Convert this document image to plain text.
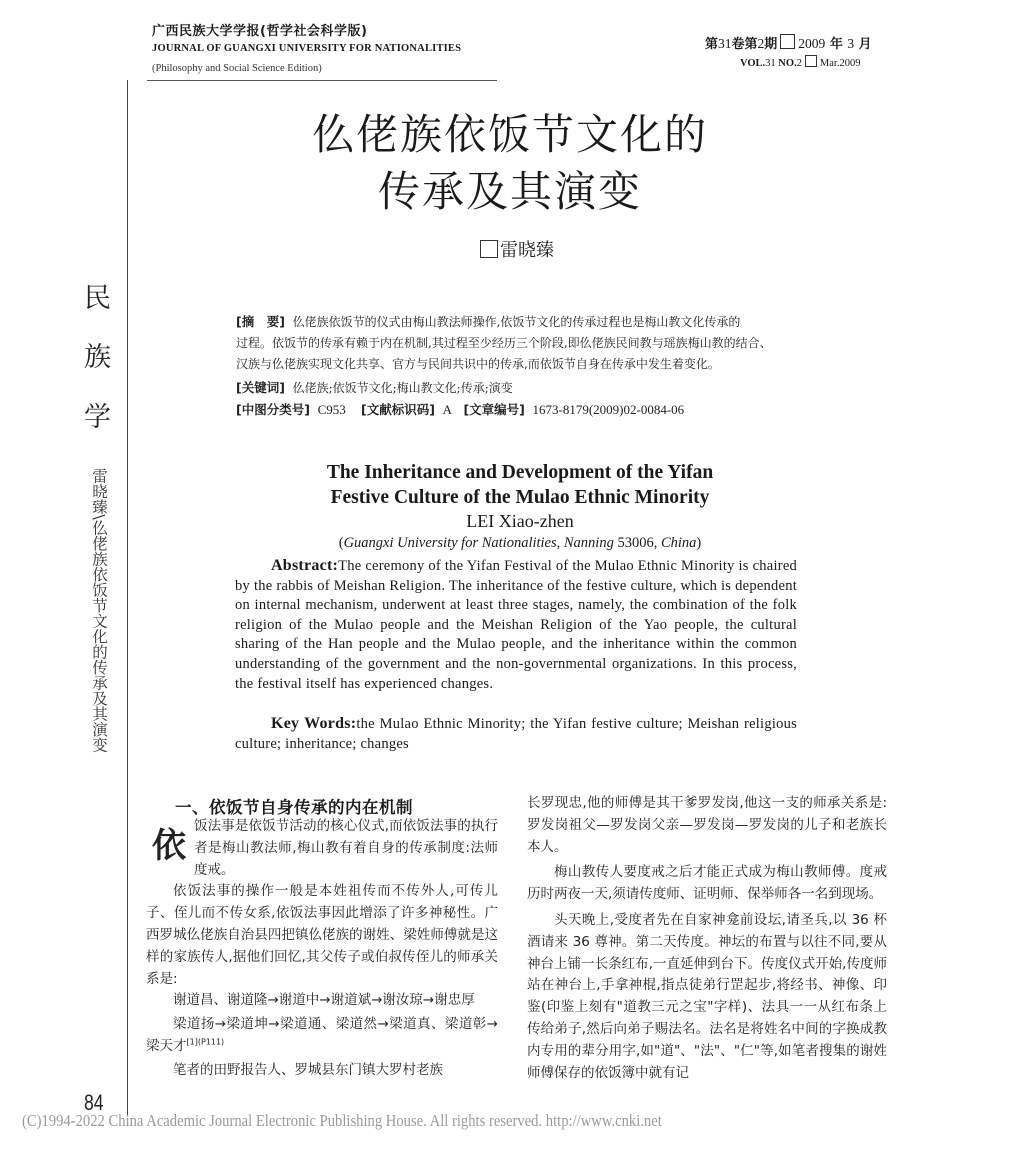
广西民族大学学报(哲学社会科学版)
JOURNAL OF GUANGXI UNIVERSITY FOR NATIONALITIES
(Philosophy and Social Science Edition)
第31卷第2期 2009 年 3 月
VOL.31 NO.2 Mar.2009
民
族
学
雷晓臻\仫佬族依饭节文化的传承及其演变
仫佬族依饭节文化的
传承及其演变
雷晓臻
[摘　要] 仫佬族依饭节的仪式由梅山教法师操作,依饭节文化的传承过程也是梅山教文化传承的
过程。依饭节的传承有赖于内在机制,其过程至少经历三个阶段,即仫佬族民间教与瑶族梅山教的结合、
汉族与仫佬族实现文化共享、官方与民间共识中的传承,而依饭节自身在传承中发生着变化。
[关键词] 仫佬族;依饭节文化;梅山教文化;传承;演变
[中图分类号] C953 [文献标识码] A [文章编号] 1673-8179(2009)02-0084-06
The Inheritance and Development of the Yifan
Festive Culture of the Mulao Ethnic Minority
LEI Xiao-zhen
(Guangxi University for Nationalities, Nanning 53006, China)
Abstract:The ceremony of the Yifan Festival of the Mulao Ethnic Minority is chaired by the rabbis of Meishan Religion. The inheritance of the festive culture, which is dependent on internal mechanism, underwent at least three stages, namely, the combination of the folk religion of the Mulao people and the Meishan Religion of the Yao people, the cultural sharing of the Han people and the Mulao people, and the inheritance within the common understanding of the government and the non-governmental organizations. In this process, the festival itself has experienced changes.
Key Words:the Mulao Ethnic Minority; the Yifan festive culture; Meishan religious culture; inheritance; changes
一、依饭节自身传承的内在机制
依 饭法事是依饭节活动的核心仪式,而依饭法事的执行者是梅山教法师,梅山教有着自身的传承制度:法师度戒。

依饭法事的操作一般是本姓祖传而不传外人,可传儿子、侄儿而不传女系,依饭法事因此增添了许多神秘性。广西罗城仫佬族自治县四把镇仫佬族的谢姓、梁姓师傅就是这样的家族传人,据他们回忆,其父传子或伯叔传侄儿的师承关系是:

谢道昌、谢道隆→谢道中→谢道斌→谢汝琼→谢忠厚

梁道扬→梁道坤→梁道通、梁道然→梁道真、梁道彰→梁天才$^{[1](P111)}$

笔者的田野报告人、罗城县东门镇大罗村老族

长罗现忠,他的师傅是其干爹罗发岗,他这一支的师承关系是:罗发岗祖父—罗发岗父亲—罗发岗—罗发岗的儿子和老族长本人。

梅山教传人要度戒之后才能正式成为梅山教师傅。度戒历时两夜一天,须请传度师、证明师、保举师各一名到现场。

头天晚上,受度者先在自家神龛前设坛,请圣兵,以 36 杯酒请来 36 尊神。第二天传度。神坛的布置与以往不同,要从神台上铺一长条红布,一直延伸到台下。传度仪式开始,传度师站在神台上,手拿神棍,指点徒弟行罡起步,将经书、神像、印鉴(印鉴上刻有"道教三元之宝"字样)、法具一一从红布条上传给弟子,然后向弟子赐法名。法名是将姓名中间的字换成教内专用的辈分用字,如"道"、"法"、"仁"等,如笔者搜集的谢姓师傅保存的依饭簿中就有记

84
(C)1994-2022 China Academic Journal Electronic Publishing House. All rights reserved. http://www.cnki.net
